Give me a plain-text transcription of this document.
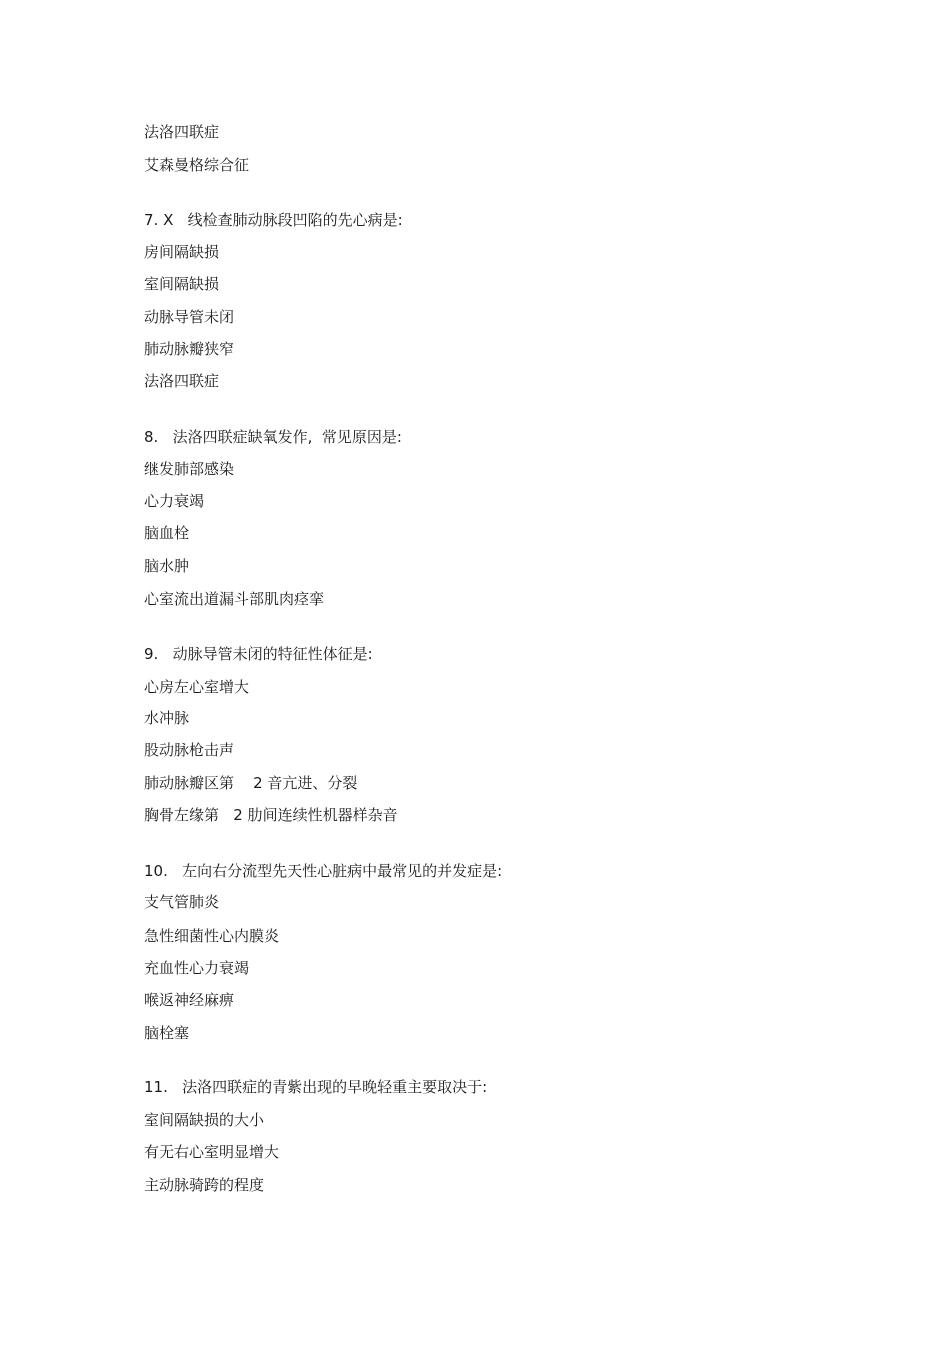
法洛四联症
艾森曼格综合征
7. X   线检查肺动脉段凹陷的先心病是:
房间隔缺损
室间隔缺损
动脉导管未闭
肺动脉瓣狭窄
法洛四联症
8.   法洛四联症缺氧发作,  常见原因是:
继发肺部感染
心力衰竭
脑血栓
脑水肿
心室流出道漏斗部肌肉痉挛
9.   动脉导管未闭的特征性体征是:
心房左心室增大
水冲脉
股动脉枪击声
肺动脉瓣区第    2 音亢进、分裂
胸骨左缘第   2 肋间连续性机器样杂音
10.   左向右分流型先天性心脏病中最常见的并发症是:
支气管肺炎
急性细菌性心内膜炎
充血性心力衰竭
喉返神经麻痹
脑栓塞
11.   法洛四联症的青紫出现的早晚轻重主要取决于:
室间隔缺损的大小
有无右心室明显增大
主动脉骑跨的程度
